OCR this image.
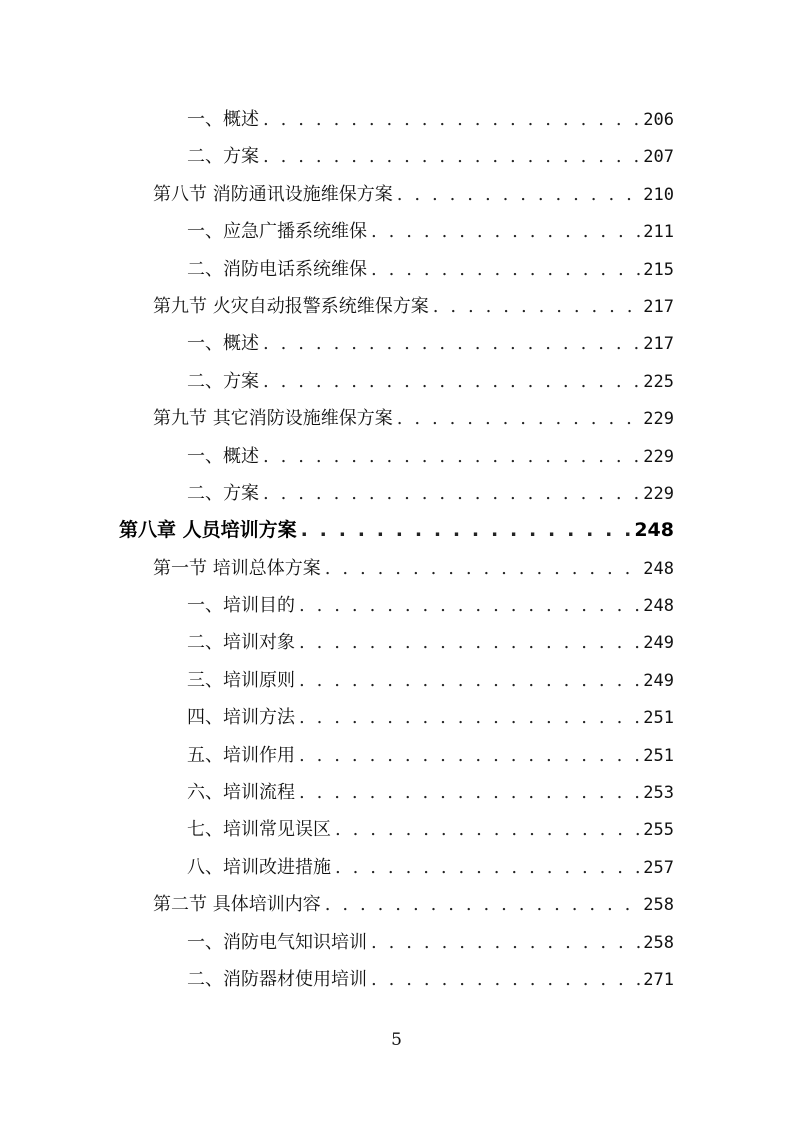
一、概述 . . .	206
二、方案 . . .	207
第八节 消防通讯设施维保方案 . . .	210
一、应急广播系统维保 . . .	211
二、消防电话系统维保 . . .	215
第九节 火灾自动报警系统维保方案 . . .	217
一、概述 . . .	217
二、方案 . . .	225
第九节 其它消防设施维保方案 . . .	229
一、概述 . . .	229
二、方案 . . .	229
第八章 人员培训方案 . . .	248
第一节 培训总体方案 . . .	248
一、培训目的 . . .	248
二、培训对象 . . .	249
三、培训原则 . . .	249
四、培训方法 . . .	251
五、培训作用 . . .	251
六、培训流程 . . .	253
七、培训常见误区 . . .	255
八、培训改进措施 . . .	257
第二节 具体培训内容 . . .	258
一、消防电气知识培训 . . .	258
二、消防器材使用培训 . . .	271
5
